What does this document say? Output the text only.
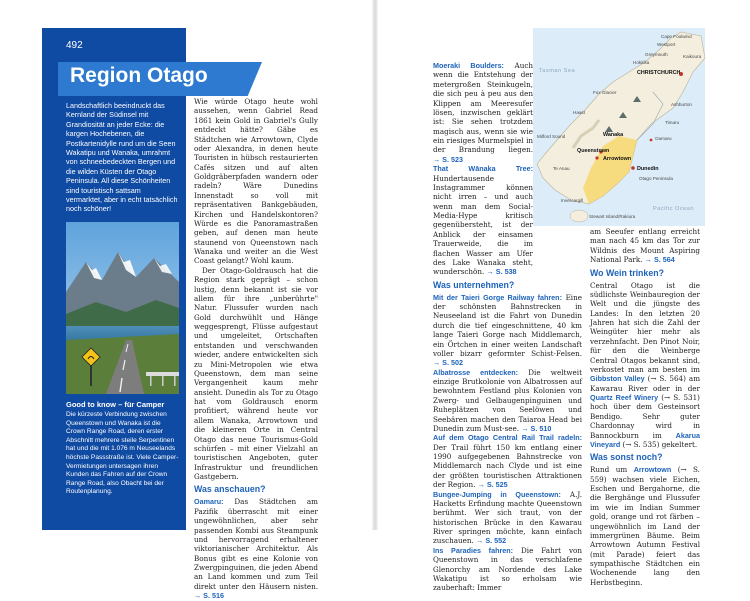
492
Region Otago
Landschaftlich beeindruckt das Kernland der Südinsel mit Grandiosität an jeder Ecke: die kargen Hochebenen, die Postkartenidylle rund um die Seen Wakatipu und Wanaka, umrahmt von schneebedeckten Bergen und die wilden Küsten der Otago Peninsula. All diese Schönheiten sind touristisch sattsam vermarktet, aber in echt tatsächlich noch schöner!
Good to know – für Camper
Die kürzeste Verbindung zwischen Queenstown und Wanaka ist die Crown Range Road, deren erster Abschnitt mehrere steile Serpentinen hat und die mit 1.076 m Neuseelands höchste Passstraße ist. Viele Camper-Vermietungen untersagen ihren Kunden das Fahren auf der Crown Range Road, also Obacht bei der Routenplanung.

Wie würde Otago heute wohl aussehen, wenn Gabriel Read 1861 kein Gold in Gabriel's Gully entdeckt hätte? Gäbe es Städtchen wie Arrowtown, Clyde oder Alexandra, in denen heute Touristen in hübsch restaurierten Cafés sitzen und auf alten Goldgräberpfaden wandern oder radeln? Wäre Dunedins Innenstadt so voll mit repräsentativen Bankgebäuden, Kirchen und Handelskontoren? Würde es die Panoramastraßen geben, auf denen man heute staunend von Queenstown nach Wanaka und weiter an die West Coast gelangt? Wohl kaum.

Der Otago-Goldrausch hat die Region stark geprägt – schon lustig, denn bekannt ist sie vor allem für ihre „unberührte" Natur. Flussufer wurden nach Gold durchwühlt und Hänge weggesprengt, Flüsse aufgestaut und umgeleitet, Ortschaften entstanden und verschwanden wieder, andere entwickelten sich zu Mini-Metropolen wie etwa Queenstown, dem man seine Vergangenheit kaum mehr ansieht. Dunedin als Tor zu Otago hat vom Goldrausch enorm profitiert, während heute vor allem Wanaka, Arrowtown und die kleineren Orte in Central Otago das neue Tourismus-Gold schürfen – mit einer Vielzahl an touristischen Angeboten, guter Infrastruktur und freundlichen Gastgebern.

Was anschauen?

Oamaru: Das Städtchen am Pazifik überrascht mit einer ungewöhnlichen, aber sehr passenden Kombi aus Steampunk und hervorragend erhaltener viktorianischer Architektur. Als Bonus gibt es eine Kolonie von Zwergpinguinen, die jeden Abend an Land kommen und zum Teil direkt unter den Häusern nisten. → S. 516

Moeraki Boulders: Auch wenn die Entstehung der metergroßen Steinkugeln, die sich peu à peu aus den Klippen am Meeresufer lösen, inzwischen geklärt ist: Sie sehen trotzdem magisch aus, wenn sie wie ein riesiges Murmelspiel in der Brandung liegen. → S. 523

That Wānaka Tree: Hundertausende Instagrammer können nicht irren – und auch wenn man dem Social-Media-Hype kritisch gegenübersteht, ist der Anblick der einsamen Trauerweide, die im flachen Wasser am Ufer des Lake Wanaka steht, wunderschön. → S. 538

Was unternehmen?

Mit der Taieri Gorge Railway fahren: Eine der schönsten Bahnstrecken in Neuseeland ist die Fahrt von Dunedin durch die tief eingeschnittene, 40 km lange Taieri Gorge nach Middlemarch, ein Örtchen in einer weiten Landschaft voller bizarr geformter Schist-Felsen. → S. 502

Albatrosse entdecken: Die weltweit einzige Brutkolonie von Albatrossen auf bewohntem Festland plus Kolonien von Zwerg- und Gelbaugenpinguinen und Ruheplätzen von Seelöwen und Seebären machen den Taiaroa Head bei Dunedin zum Must-see. → S. 510

Auf dem Otago Central Rail Trail radeln: Der Trail führt 150 km entlang einer 1990 aufgegebenen Bahnstrecke von Middlemarch nach Clyde und ist eine der größten touristischen Attraktionen der Region. → S. 525

Bungee-Jumping in Queenstown: A.J. Hacketts Erfindung machte Queenstown berühmt. Wer sich traut, von der historischen Brücke in den Kawarau River springen möchte, kann einfach zuschauen. → S. 552

Ins Paradies fahren: Die Fahrt von Queenstown in das verschlafene Glenorchy am Nordende des Lake Wakatipu ist so erholsam wie zauberhaft: Immer

Cape Foulwind
Westport
Greymouth
Hokitika
Fox Glacier
Haast
Milford Sound	Wanaka
Queenstown
Arrowtown
Te Anau
Invercargill
Dunedin
Oamaru
Timaru
Ashburton
CHRISTCHURCH
Kaikoura
Otago Peninsula
Stewart Island/Rakiura
Tasman Sea
Pacific Ocean

am Seeufer entlang erreicht man nach 45 km das Tor zur Wildnis des Mount Aspiring National Park. → S. 564

Wo Wein trinken?

Central Otago ist die südlichste Weinbauregion der Welt und die jüngste des Landes: In den letzten 20 Jahren hat sich die Zahl der Weingüter hier mehr als verzehnfacht. Den Pinot Noir, für den die Weinberge Central Otagos bekannt sind, verkostet man am besten im Gibbston Valley (→ S. 564) am Kawarau River oder in der Quartz Reef Winery (→ S. 531) hoch über dem Gesteinsort Bendigo. Sehr guter Chardonnay wird in Bannockburn im Akarua Vineyard (→ S. 535) gekeltert.

Was sonst noch?

Rund um Arrowtown (→ S. 559) wachsen viele Eichen, Eschen und Bergahorne, die die Berghänge und Flussufer im wie im Indian Summer gold, orange und rot färben – ungewöhnlich im Land der immergrünen Bäume. Beim Arrowtown Autumn Festival (mit Parade) feiert das sympathische Städtchen ein Wochenende lang den Herbstbeginn.
